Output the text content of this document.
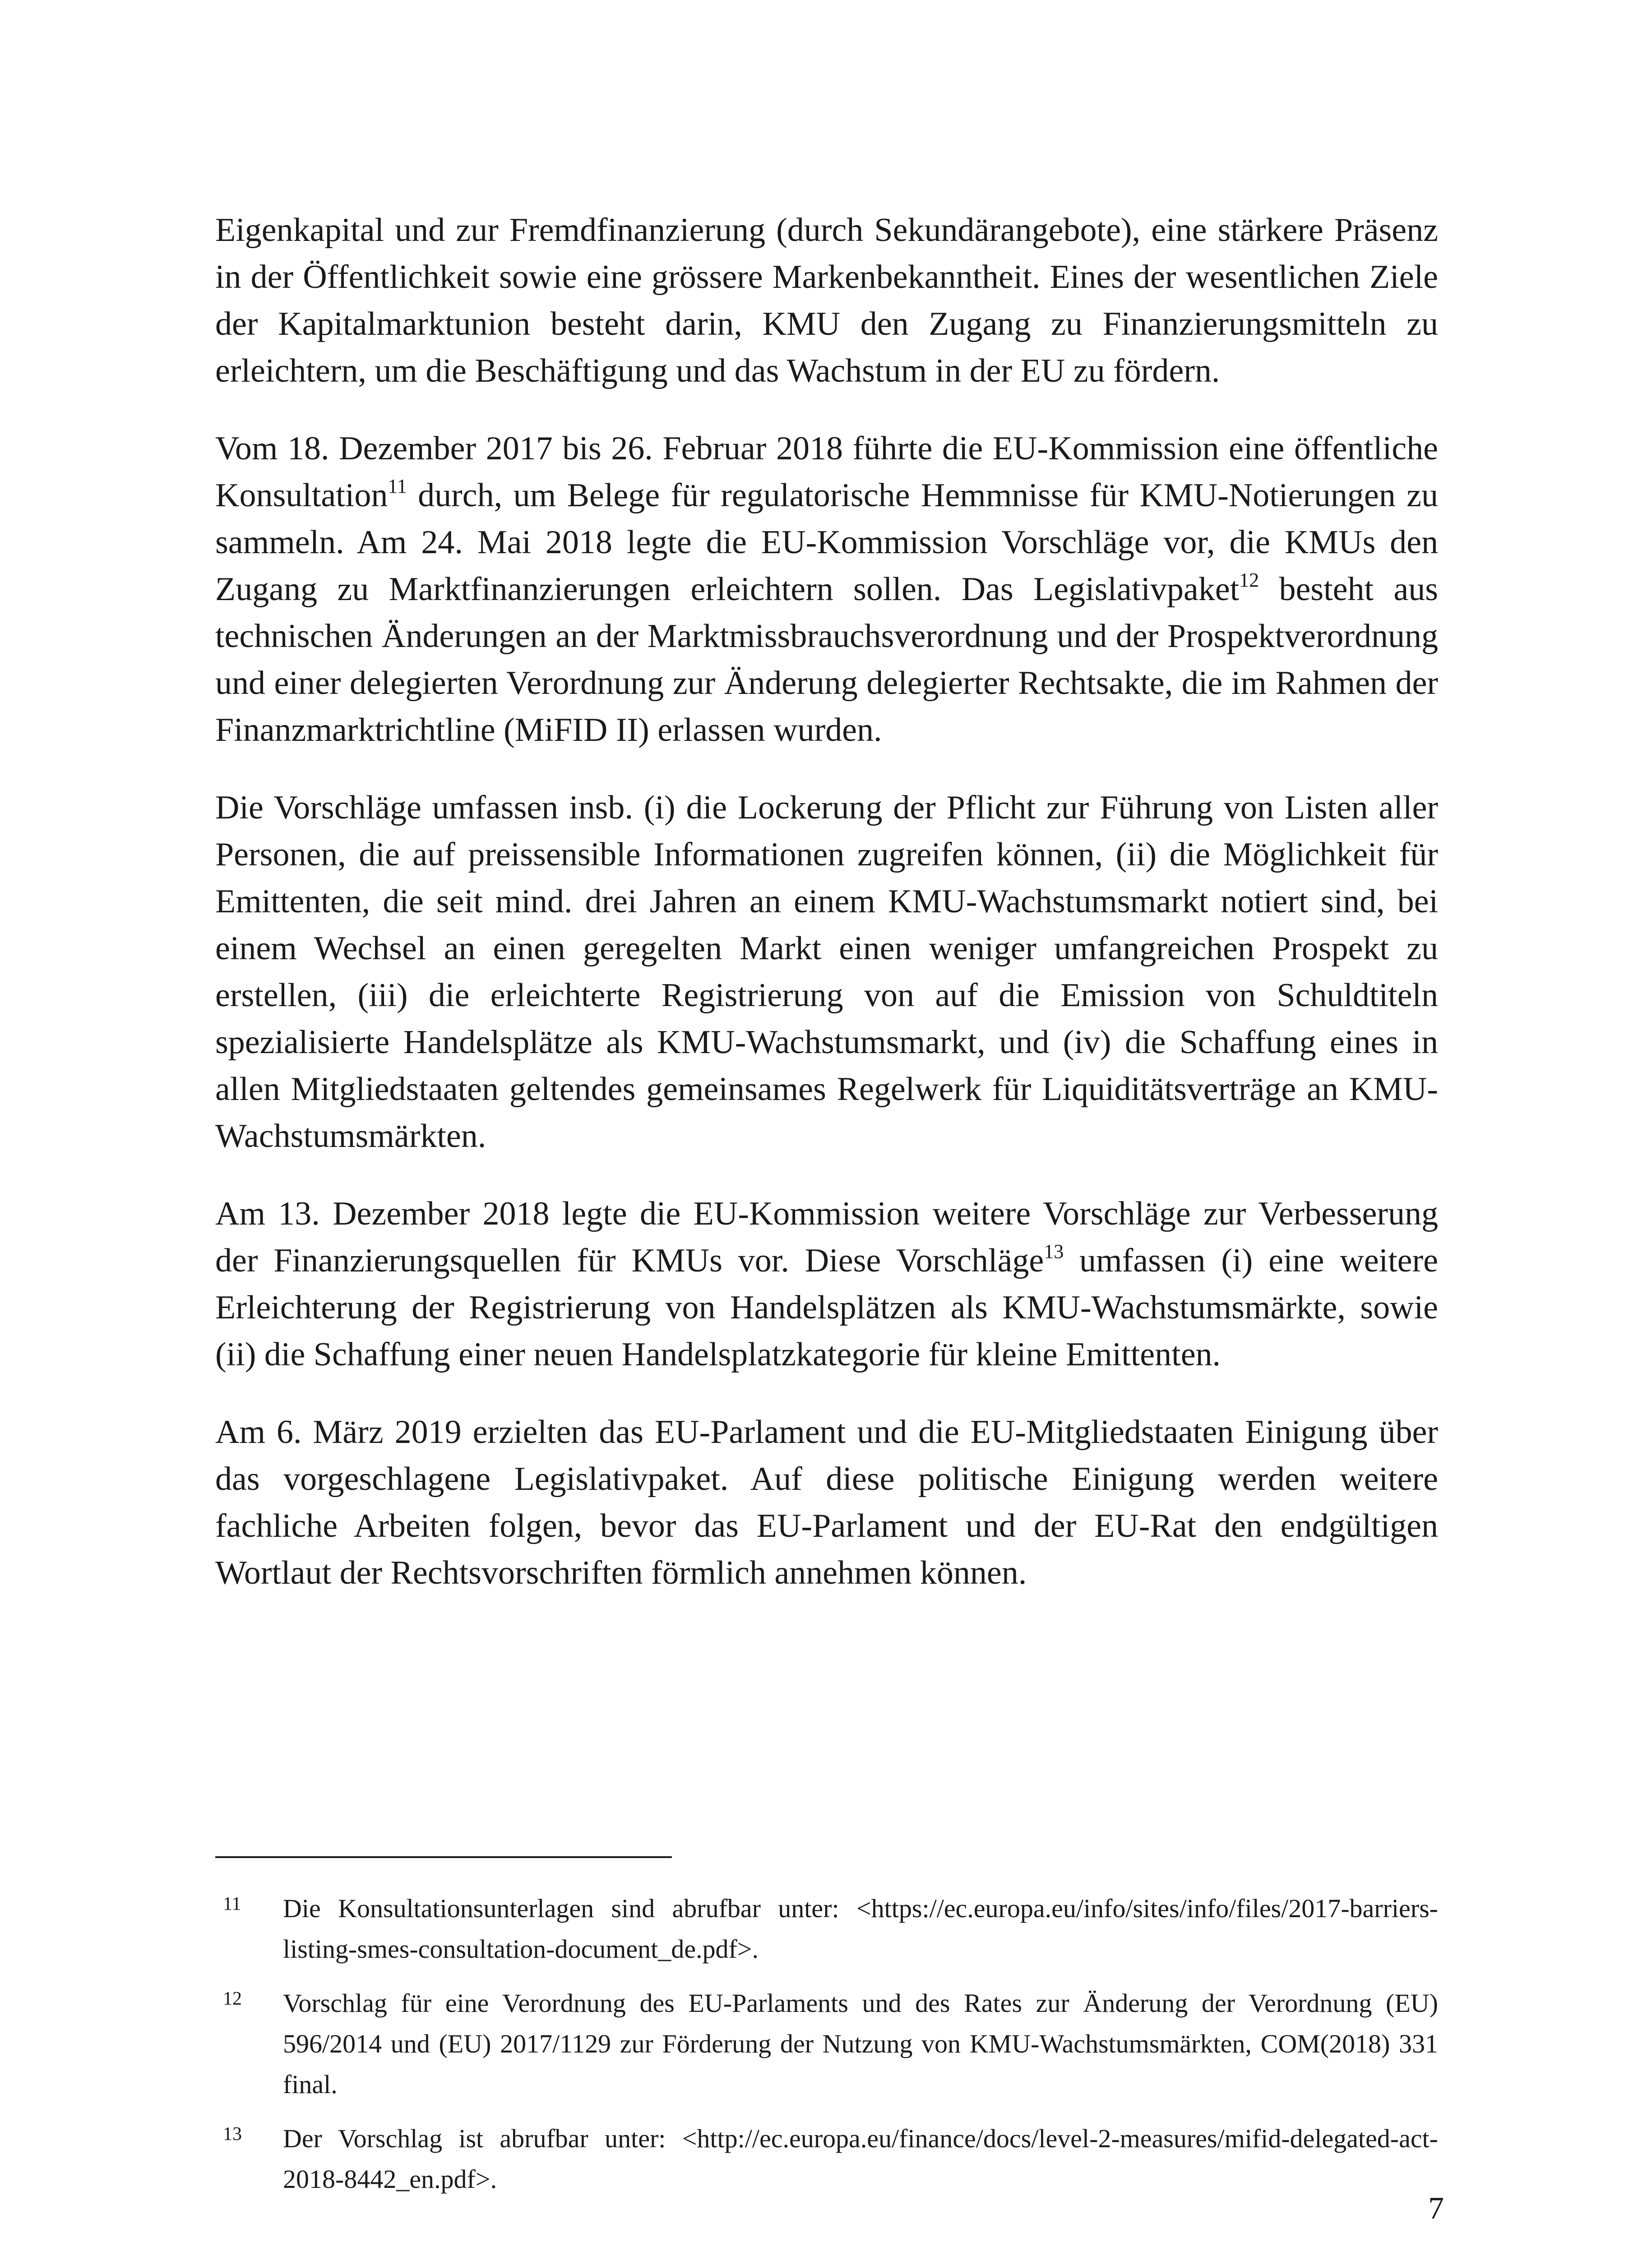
Eigenkapital und zur Fremdfinanzierung (durch Sekundärangebote), eine stärkere Präsenz in der Öffentlichkeit sowie eine grössere Markenbekanntheit. Eines der wesentlichen Ziele der Kapitalmarktunion besteht darin, KMU den Zugang zu Finanzierungsmitteln zu erleichtern, um die Beschäftigung und das Wachstum in der EU zu fördern.

Vom 18. Dezember 2017 bis 26. Februar 2018 führte die EU-Kommission eine öffentliche Konsultation$^{11}$ durch, um Belege für regulatorische Hemmnisse für KMU-Notierungen zu sammeln. Am 24. Mai 2018 legte die EU-Kommission Vorschläge vor, die KMUs den Zugang zu Marktfinanzierungen erleichtern sollen. Das Legislativpaket$^{12}$ besteht aus technischen Änderungen an der Marktmissbrauchsverordnung und der Prospektverordnung und einer delegierten Verordnung zur Änderung delegierter Rechtsakte, die im Rahmen der Finanzmarktrichtline (MiFID II) erlassen wurden.

Die Vorschläge umfassen insb. (i) die Lockerung der Pflicht zur Führung von Listen aller Personen, die auf preissensible Informationen zugreifen können, (ii) die Möglichkeit für Emittenten, die seit mind. drei Jahren an einem KMU-Wachstumsmarkt notiert sind, bei einem Wechsel an einen geregelten Markt einen weniger umfangreichen Prospekt zu erstellen, (iii) die erleichterte Registrierung von auf die Emission von Schuldtiteln spezialisierte Handelsplätze als KMU-Wachstumsmarkt, und (iv) die Schaffung eines in allen Mitgliedstaaten geltendes gemeinsames Regelwerk für Liquiditätsverträge an KMU-Wachstumsmärkten.

Am 13. Dezember 2018 legte die EU-Kommission weitere Vorschläge zur Verbesserung der Finanzierungsquellen für KMUs vor. Diese Vorschläge$^{13}$ umfassen (i) eine weitere Erleichterung der Registrierung von Handelsplätzen als KMU-Wachstumsmärkte, sowie (ii) die Schaffung einer neuen Handelsplatzkategorie für kleine Emittenten.

Am 6. März 2019 erzielten das EU-Parlament und die EU-Mitgliedstaaten Einigung über das vorgeschlagene Legislativpaket. Auf diese politische Einigung werden weitere fachliche Arbeiten folgen, bevor das EU-Parlament und der EU-Rat den endgültigen Wortlaut der Rechtsvorschriften förmlich annehmen können.

11 Die Konsultationsunterlagen sind abrufbar unter: <https://ec.europa.eu/info/sites/info/files/2017-barriers-listing-smes-consultation-document_de.pdf>.
12 Vorschlag für eine Verordnung des EU-Parlaments und des Rates zur Änderung der Verordnung (EU) 596/2014 und (EU) 2017/1129 zur Förderung der Nutzung von KMU-Wachstumsmärkten, COM(2018) 331 final.
13 Der Vorschlag ist abrufbar unter: <http://ec.europa.eu/finance/docs/level-2-measures/mifid-delegated-act-2018-8442_en.pdf>.
7
